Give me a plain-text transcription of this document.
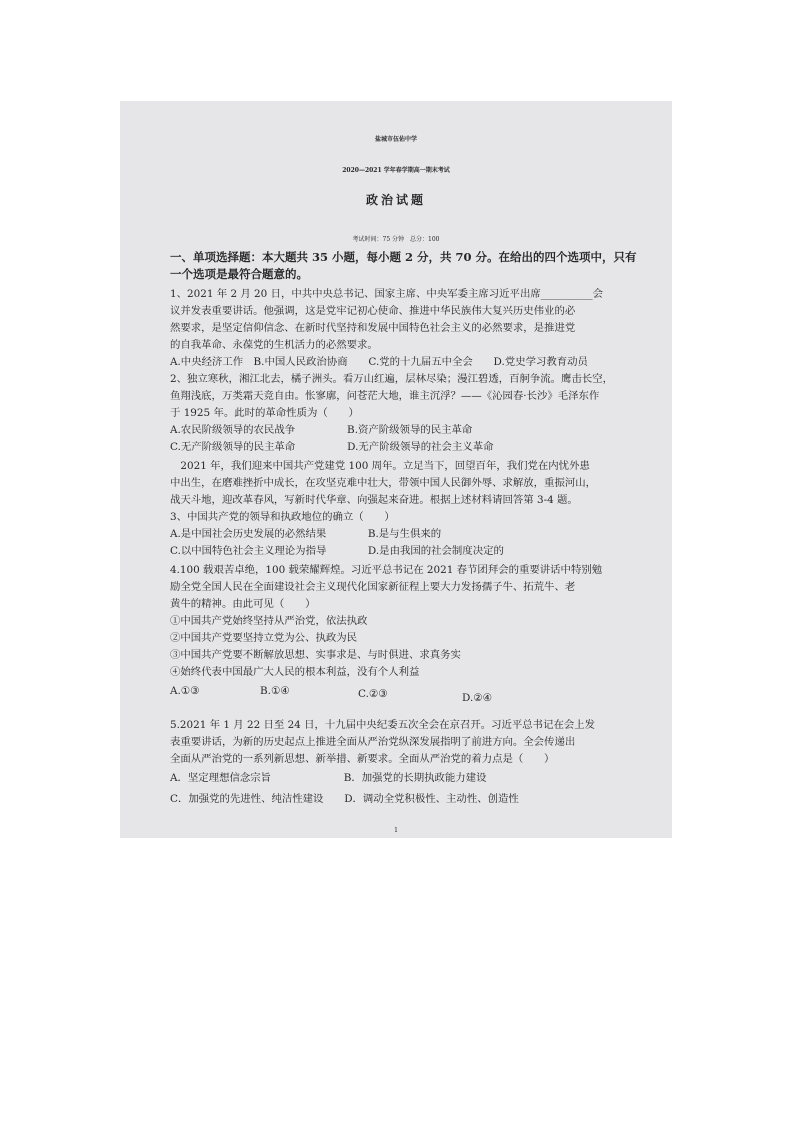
盐城市伍佑中学
2020—2021 学年春学期高一期末考试
政治试题
考试时间：75 分钟　总分：100
一、单项选择题：本大题共 35 小题，每小题 2 分，共 70 分。在给出的四个选项中，只有
一个选项是最符合题意的。
1、2021 年 2 月 20 日，中共中央总书记、国家主席、中央军委主席习近平出席__________会
议并发表重要讲话。他强调，这是党牢记初心使命、推进中华民族伟大复兴历史伟业的必
然要求，是坚定信仰信念、在新时代坚持和发展中国特色社会主义的必然要求，是推进党
的自我革命、永葆党的生机活力的必然要求。
A.中央经济工作　B.中国人民政治协商　　C.党的十九届五中全会　　D.党史学习教育动员
2、独立寒秋，湘江北去，橘子洲头。看万山红遍，层林尽染；漫江碧透，百舸争流。鹰击长空，
鱼翔浅底，万类霜天竞自由。怅寥廓，问苍茫大地，谁主沉浮？——《沁园春·长沙》毛泽东作
于 1925 年。此时的革命性质为（　　）
A.农民阶级领导的农民战争　　　　　B.资产阶级领导的民主革命
C.无产阶级领导的民主革命　　　　　D.无产阶级领导的社会主义革命
　2021 年，我们迎来中国共产党建党 100 周年。立足当下，回望百年，我们党在内忧外患
中出生，在磨难挫折中成长，在攻坚克难中壮大，带领中国人民御外辱、求解放，重振河山，
战天斗地，迎改革春风，写新时代华章、向强起来奋进。根据上述材料请回答第 3-4 题。
3、中国共产党的领导和执政地位的确立（　　）
A.是中国社会历史发展的必然结果　　　　B.是与生俱来的
C.以中国特色社会主义理论为指导　　　　D.是由我国的社会制度决定的
4.100 载艰苦卓绝，100 载荣耀辉煌。习近平总书记在 2021 春节团拜会的重要讲话中特别勉
励全党全国人民在全面建设社会主义现代化国家新征程上要大力发扬孺子牛、拓荒牛、老
黄牛的精神。由此可见（　　）
①中国共产党始终坚持从严治党，依法执政
②中国共产党要坚持立党为公、执政为民
③中国共产党要不断解放思想、实事求是、与时俱进、求真务实
④始终代表中国最广大人民的根本利益，没有个人利益
A.①③	B.①④	C.②③	D.②④
5.2021 年 1 月 22 日至 24 日，十九届中央纪委五次全会在京召开。习近平总书记在会上发
表重要讲话，为新的历史起点上推进全面从严治党纵深发展指明了前进方向。全会传递出
全面从严治党的一系列新思想、新举措、新要求。全面从严治党的着力点是（　　）
A．坚定理想信念宗旨　　　　　　　B．加强党的长期执政能力建设
C．加强党的先进性、纯洁性建设　　D．调动全党积极性、主动性、创造性
1
